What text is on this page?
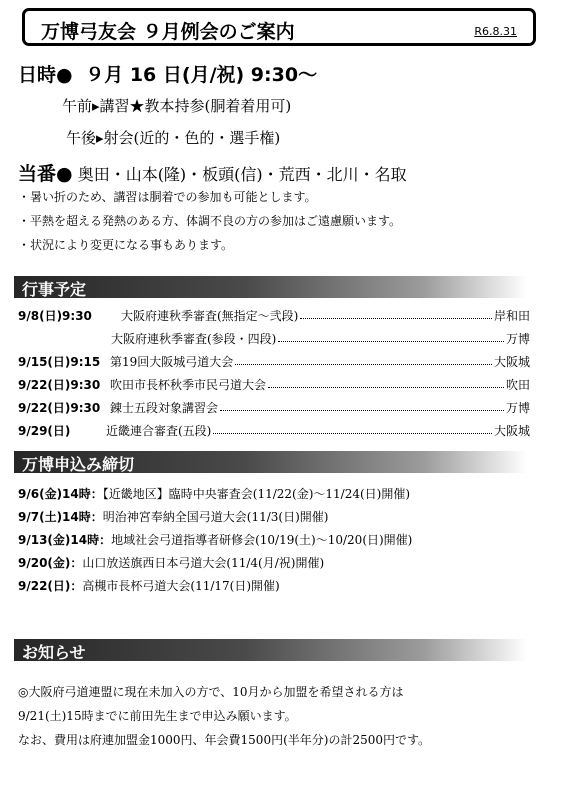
万博弓友会 ９月例会のご案内	R6.8.31
日時● ９月 16 日(月/祝) 9:30～
午前▸講習★教本持参(胴着着用可)
午後▸射会(近的・色的・選手権)
当番● 奥田・山本(隆)・板頭(信)・荒西・北川・名取
・暑い折のため、講習は胴着での参加も可能とします。
・平熱を超える発熱のある方、体調不良の方の参加はご遠慮願います。
・状況により変更になる事もあります。
行事予定
9/8(日)9:30 大阪府連秋季審査(無指定～弐段)	岸和田
大阪府連秋季審査(参段・四段)	万博
9/15(日)9:15 第19回大阪城弓道大会	大阪城
9/22(日)9:30 吹田市長杯秋季市民弓道大会	吹田
9/22(日)9:30 錬士五段対象講習会	万博
9/29(日)	近畿連合審査(五段)	大阪城
万博申込み締切
9/6(金)14時：【近畿地区】臨時中央審査会(11/22(金)～11/24(日)開催)
9/7(土)14時：明治神宮奉納全国弓道大会(11/3(日)開催)
9/13(金)14時：地域社会弓道指導者研修会(10/19(土)～10/20(日)開催)
9/20(金)：山口放送旗西日本弓道大会(11/4(月/祝)開催)
9/22(日)：高槻市長杯弓道大会(11/17(日)開催)
お知らせ
◎大阪府弓道連盟に現在未加入の方で、10月から加盟を希望される方は
9/21(土)15時までに前田先生まで申込み願います。
なお、費用は府連加盟金1000円、年会費1500円(半年分)の計2500円です。
